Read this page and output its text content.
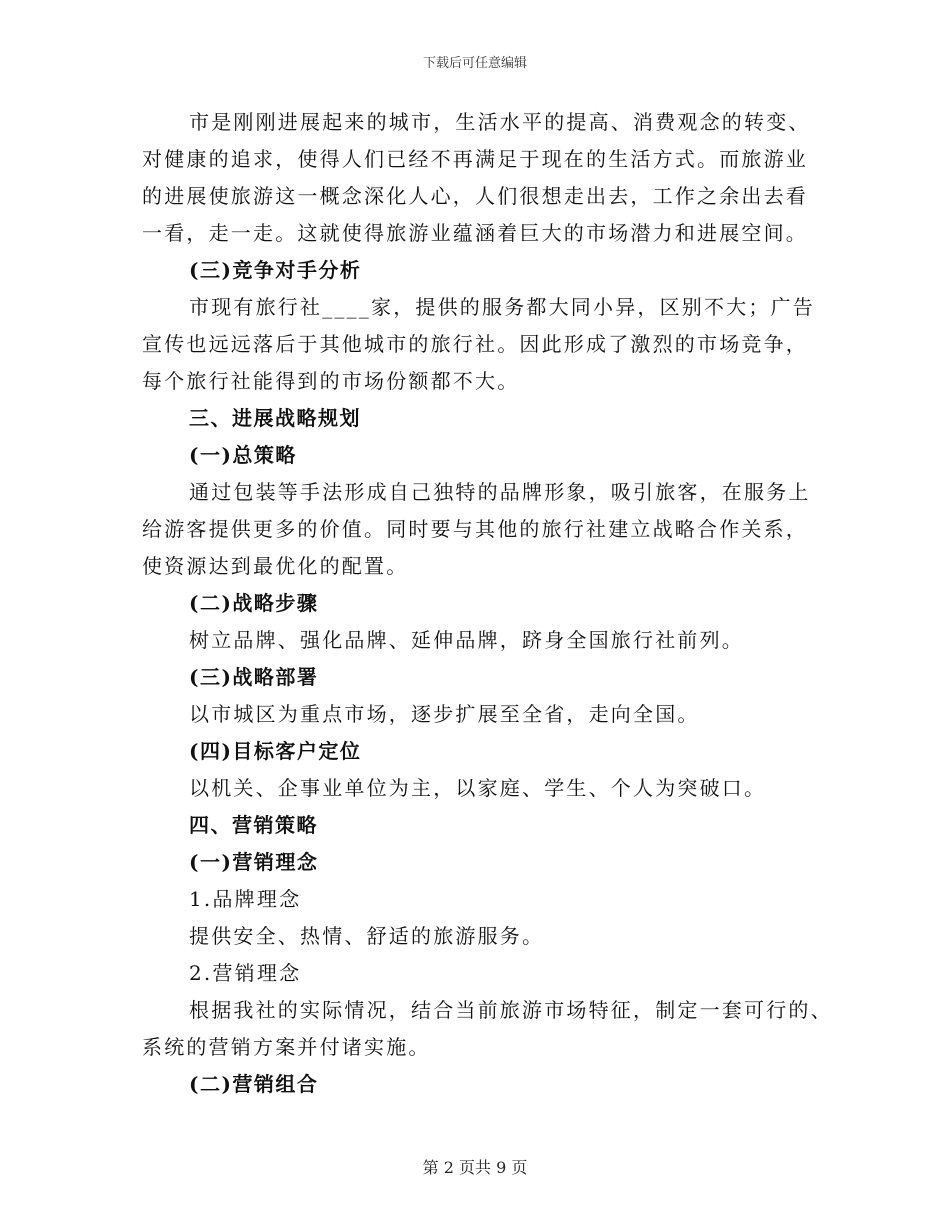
下载后可任意编辑
市是刚刚进展起来的城市，生活水平的提高、消费观念的转变、
对健康的追求，使得人们已经不再满足于现在的生活方式。而旅游业
的进展使旅游这一概念深化人心，人们很想走出去，工作之余出去看
一看，走一走。这就使得旅游业蕴涵着巨大的市场潜力和进展空间。
(三)竞争对手分析
市现有旅行社____家，提供的服务都大同小异，区别不大；广告
宣传也远远落后于其他城市的旅行社。因此形成了激烈的市场竞争，
每个旅行社能得到的市场份额都不大。
三、进展战略规划
(一)总策略
通过包装等手法形成自己独特的品牌形象，吸引旅客，在服务上
给游客提供更多的价值。同时要与其他的旅行社建立战略合作关系，
使资源达到最优化的配置。
(二)战略步骤
树立品牌、强化品牌、延伸品牌，跻身全国旅行社前列。
(三)战略部署
以市城区为重点市场，逐步扩展至全省，走向全国。
(四)目标客户定位
以机关、企事业单位为主，以家庭、学生、个人为突破口。
四、营销策略
(一)营销理念
1.品牌理念
提供安全、热情、舒适的旅游服务。
2.营销理念
根据我社的实际情况，结合当前旅游市场特征，制定一套可行的、
系统的营销方案并付诸实施。
(二)营销组合
第 2 页共 9 页
